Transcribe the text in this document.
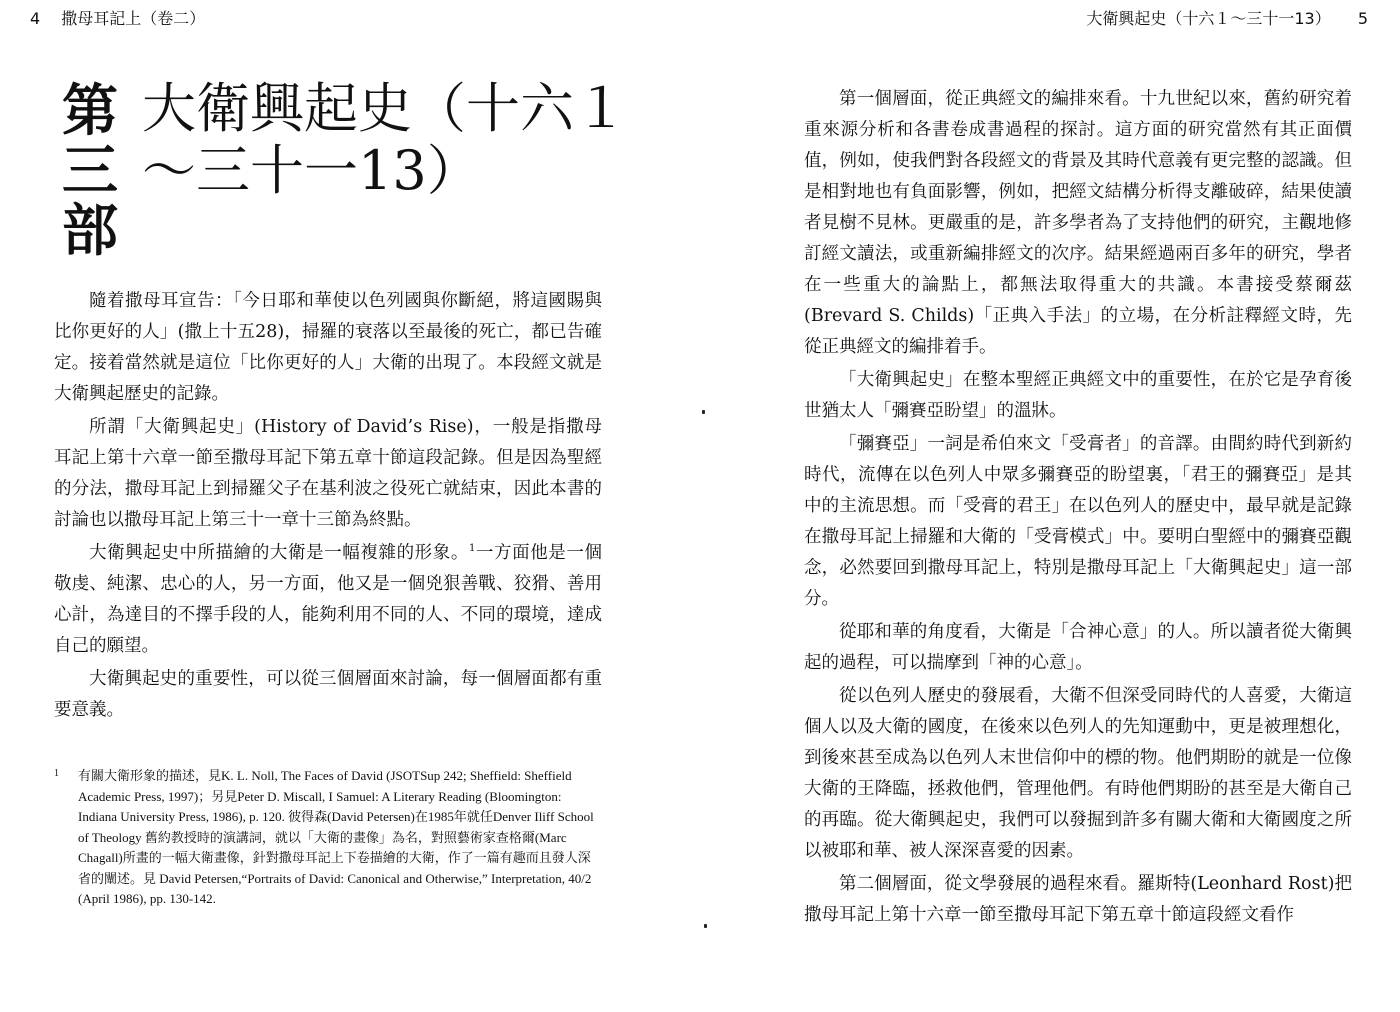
4 撒母耳記上（卷二）
第
三
部
大衛興起史（十六１～三十一13）

隨着撒母耳宣告：「今日耶和華使以色列國與你斷絕，將這國賜與比你更好的人」(撒上十五28)，掃羅的衰落以至最後的死亡，都已告確定。接着當然就是這位「比你更好的人」大衛的出現了。本段經文就是大衛興起歷史的記錄。

所謂「大衛興起史」(History of David’s Rise)，一般是指撒母耳記上第十六章一節至撒母耳記下第五章十節這段記錄。但是因為聖經的分法，撒母耳記上到掃羅父子在基利波之役死亡就結束，因此本書的討論也以撒母耳記上第三十一章十三節為終點。

大衛興起史中所描繪的大衛是一幅複雜的形象。$^1$一方面他是一個敬虔、純潔、忠心的人，另一方面，他又是一個兇狠善戰、狡猾、善用心計，為達目的不擇手段的人，能夠利用不同的人、不同的環境，達成自己的願望。

大衛興起史的重要性，可以從三個層面來討論，每一個層面都有重要意義。

1 有關大衛形象的描述，見K. L. Noll, The Faces of David (JSOTSup 242; Sheffield: Sheffield Academic Press, 1997)；另見Peter D. Miscall, I Samuel: A Literary Reading (Bloomington: Indiana University Press, 1986), p. 120. 彼得森(David Petersen)在1985年就任Denver Iliff School of Theology 舊約教授時的演講詞，就以「大衛的畫像」為名，對照藝術家查格爾(Marc Chagall)所畫的一幅大衛畫像，針對撒母耳記上下卷描繪的大衛，作了一篇有趣而且發人深省的闡述。見 David Petersen,“Portraits of David: Canonical and Otherwise,” Interpretation, 40/2 (April 1986), pp. 130-142.
大衛興起史（十六１～三十一13） 5

第一個層面，從正典經文的編排來看。十九世紀以來，舊約研究着重來源分析和各書卷成書過程的探討。這方面的研究當然有其正面價值，例如，使我們對各段經文的背景及其時代意義有更完整的認識。但是相對地也有負面影響，例如，把經文結構分析得支離破碎，結果使讀者見樹不見林。更嚴重的是，許多學者為了支持他們的研究，主觀地修訂經文讀法，或重新編排經文的次序。結果經過兩百多年的研究，學者在一些重大的論點上，都無法取得重大的共識。本書接受蔡爾茲(Brevard S. Childs)「正典入手法」的立場，在分析註釋經文時，先從正典經文的編排着手。

「大衛興起史」在整本聖經正典經文中的重要性，在於它是孕育後世猶太人「彌賽亞盼望」的溫牀。

「彌賽亞」一詞是希伯來文「受膏者」的音譯。由間約時代到新約時代，流傳在以色列人中眾多彌賽亞的盼望裏，「君王的彌賽亞」是其中的主流思想。而「受膏的君王」在以色列人的歷史中，最早就是記錄在撒母耳記上掃羅和大衛的「受膏模式」中。要明白聖經中的彌賽亞觀念，必然要回到撒母耳記上，特別是撒母耳記上「大衛興起史」這一部分。

從耶和華的角度看，大衛是「合神心意」的人。所以讀者從大衛興起的過程，可以揣摩到「神的心意」。

從以色列人歷史的發展看，大衛不但深受同時代的人喜愛，大衛這個人以及大衛的國度，在後來以色列人的先知運動中，更是被理想化，到後來甚至成為以色列人末世信仰中的標的物。他們期盼的就是一位像大衛的王降臨，拯救他們，管理他們。有時他們期盼的甚至是大衛自己的再臨。從大衛興起史，我們可以發掘到許多有關大衛和大衛國度之所以被耶和華、被人深深喜愛的因素。

第二個層面，從文學發展的過程來看。羅斯特(Leonhard Rost)把撒母耳記上第十六章一節至撒母耳記下第五章十節這段經文看作
